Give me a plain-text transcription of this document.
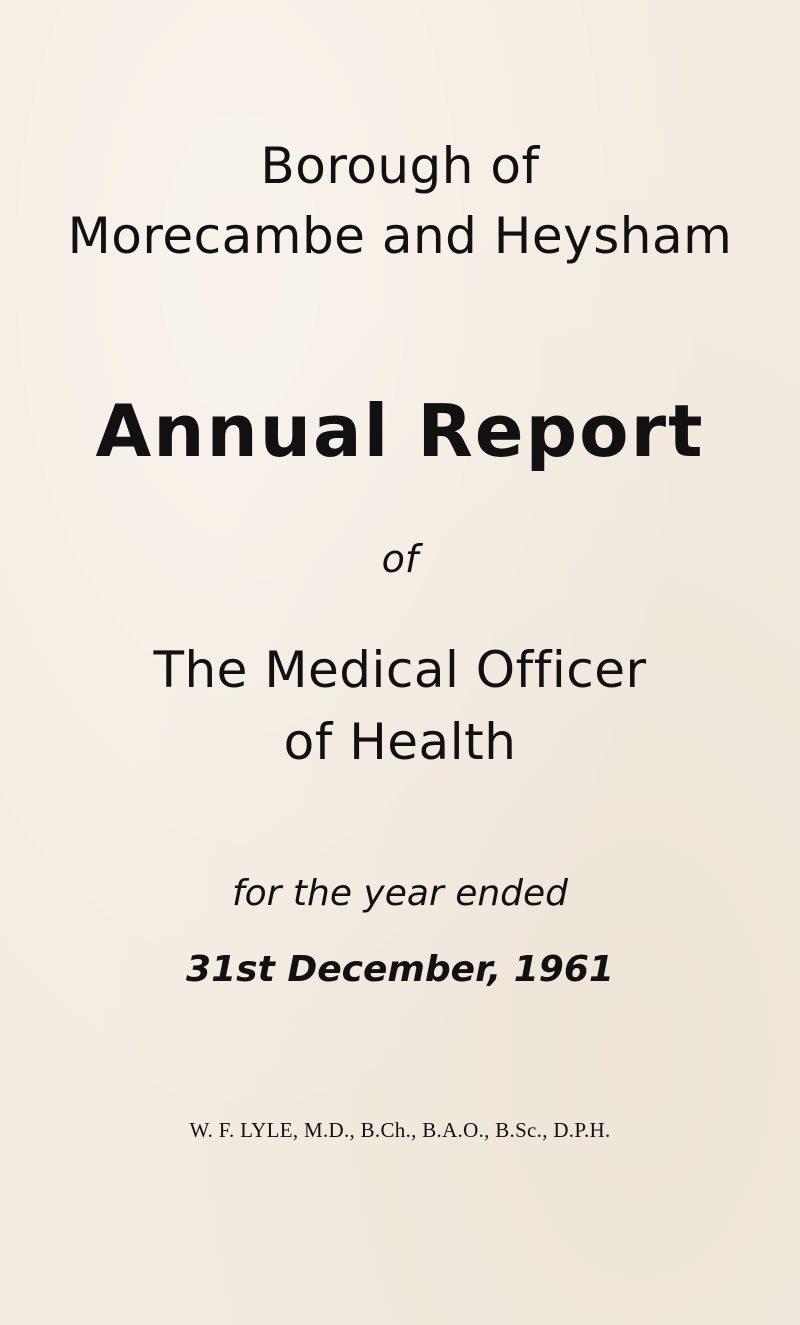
Borough of
Morecambe and Heysham
Annual Report
of
The Medical Officer
of Health
for the year ended
31st December, 1961
W. F. LYLE, M.D., B.Ch., B.A.O., B.Sc., D.P.H.
